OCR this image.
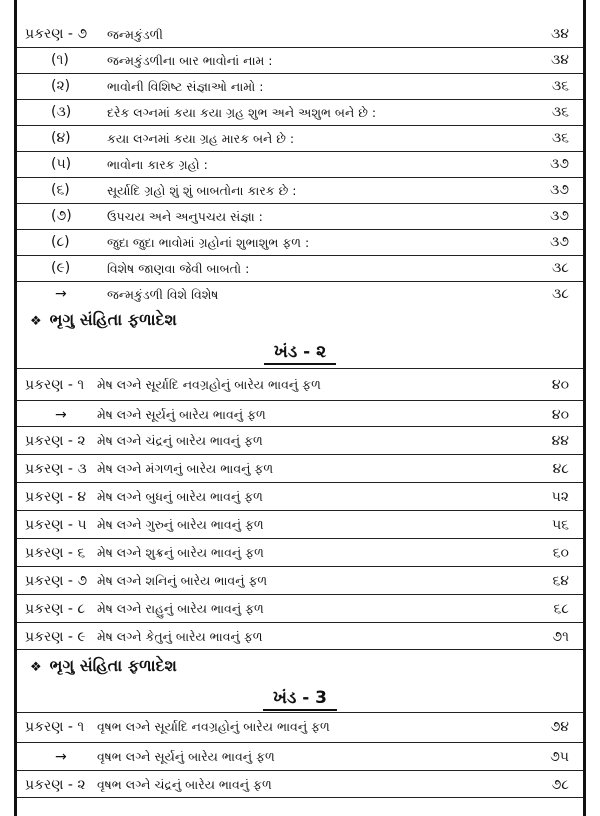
પ્રકરણ - ૭ જન્મકુંડળી	૩૪
(૧)	જન્મકુંડળીના બાર ભાવોનાં નામ :	૩૪
(૨)	ભાવોની વિશિષ્ટ સંજ્ઞાઓ નામો :	૩૬
(૩)	દરેક લગ્નમાં કયા કયા ગ્રહ શુભ અને અશુભ બને છે :	૩૬
(૪)	કયા લગ્નમાં કયા ગ્રહ મારક બને છે :	૩૬
(૫)	ભાવોના કારક ગ્રહો :	૩૭
(૬)	સૂર્યાદિ ગ્રહો શું શું બાબતોના કારક છે :	૩૭
(૭)	ઉપચય અને અનુપચય સંજ્ઞા :	૩૭
(૮)	જુદા જુદા ભાવોમાં ગ્રહોનાં શુભાશુભ ફળ :	૩૭
(૯)	વિશેષ જાણવા જેવી બાબતો :	૩૮
→	જન્મકુંડળી વિશે વિશેષ	૩૮
❖ ભૃગુ સંહિતા ફળાદેશ
ખંડ - ૨
પ્રકરણ - ૧ મેષ લગ્ને સૂર્યાદિ નવગ્રહોનું બારેય ભાવનું ફળ	૪૦
→ મેષ લગ્ને સૂર્યનું બારેય ભાવનું ફળ	૪૦
પ્રકરણ - ૨ મેષ લગ્ને ચંદ્રનું બારેય ભાવનું ફળ	૪૪
પ્રકરણ - ૩ મેષ લગ્ને મંગળનું બારેય ભાવનું ફળ	૪૮
પ્રકરણ - ૪ મેષ લગ્ને બુધનું બારેય ભાવનું ફળ	૫૨
પ્રકરણ - ૫ મેષ લગ્ને ગુરુનું બારેય ભાવનું ફળ	૫૬
પ્રકરણ - ૬ મેષ લગ્ને શુક્રનું બારેય ભાવનું ફળ	૬૦
પ્રકરણ - ૭ મેષ લગ્ને શનિનું બારેય ભાવનું ફળ	૬૪
પ્રકરણ - ૮ મેષ લગ્ને રાહુનું બારેય ભાવનું ફળ	૬૮
પ્રકરણ - ૯ મેષ લગ્ને કેતુનું બારેય ભાવનું ફળ	૭૧
❖ ભૃગુ સંહિતા ફળાદેશ
ખંડ - 3
પ્રકરણ - ૧ વૃષભ લગ્ને સૂર્યાદિ નવગ્રહોનું બારેય ભાવનું ફળ	૭૪
→ વૃષભ લગ્ને સૂર્યનું બારેય ભાવનું ફળ	૭૫
પ્રકરણ - ૨ વૃષભ લગ્ને ચંદ્રનું બારેય ભાવનું ફળ	૭૮
